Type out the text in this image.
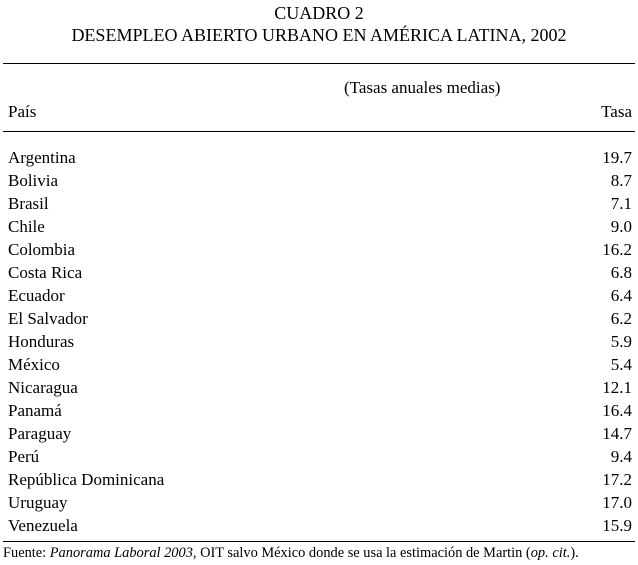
CUADRO 2
DESEMPLEO ABIERTO URBANO EN AMÉRICA LATINA, 2002
(Tasas anuales medias)
País	Tasa
Argentina	19.7
Bolivia	8.7
Brasil	7.1
Chile	9.0
Colombia	16.2
Costa Rica	6.8
Ecuador	6.4
El Salvador	6.2
Honduras	5.9
México	5.4
Nicaragua	12.1
Panamá	16.4
Paraguay	14.7
Perú	9.4
República Dominicana	17.2
Uruguay	17.0
Venezuela	15.9
Fuente: Panorama Laboral 2003, OIT salvo México donde se usa la estimación de Martin (op. cit.).
